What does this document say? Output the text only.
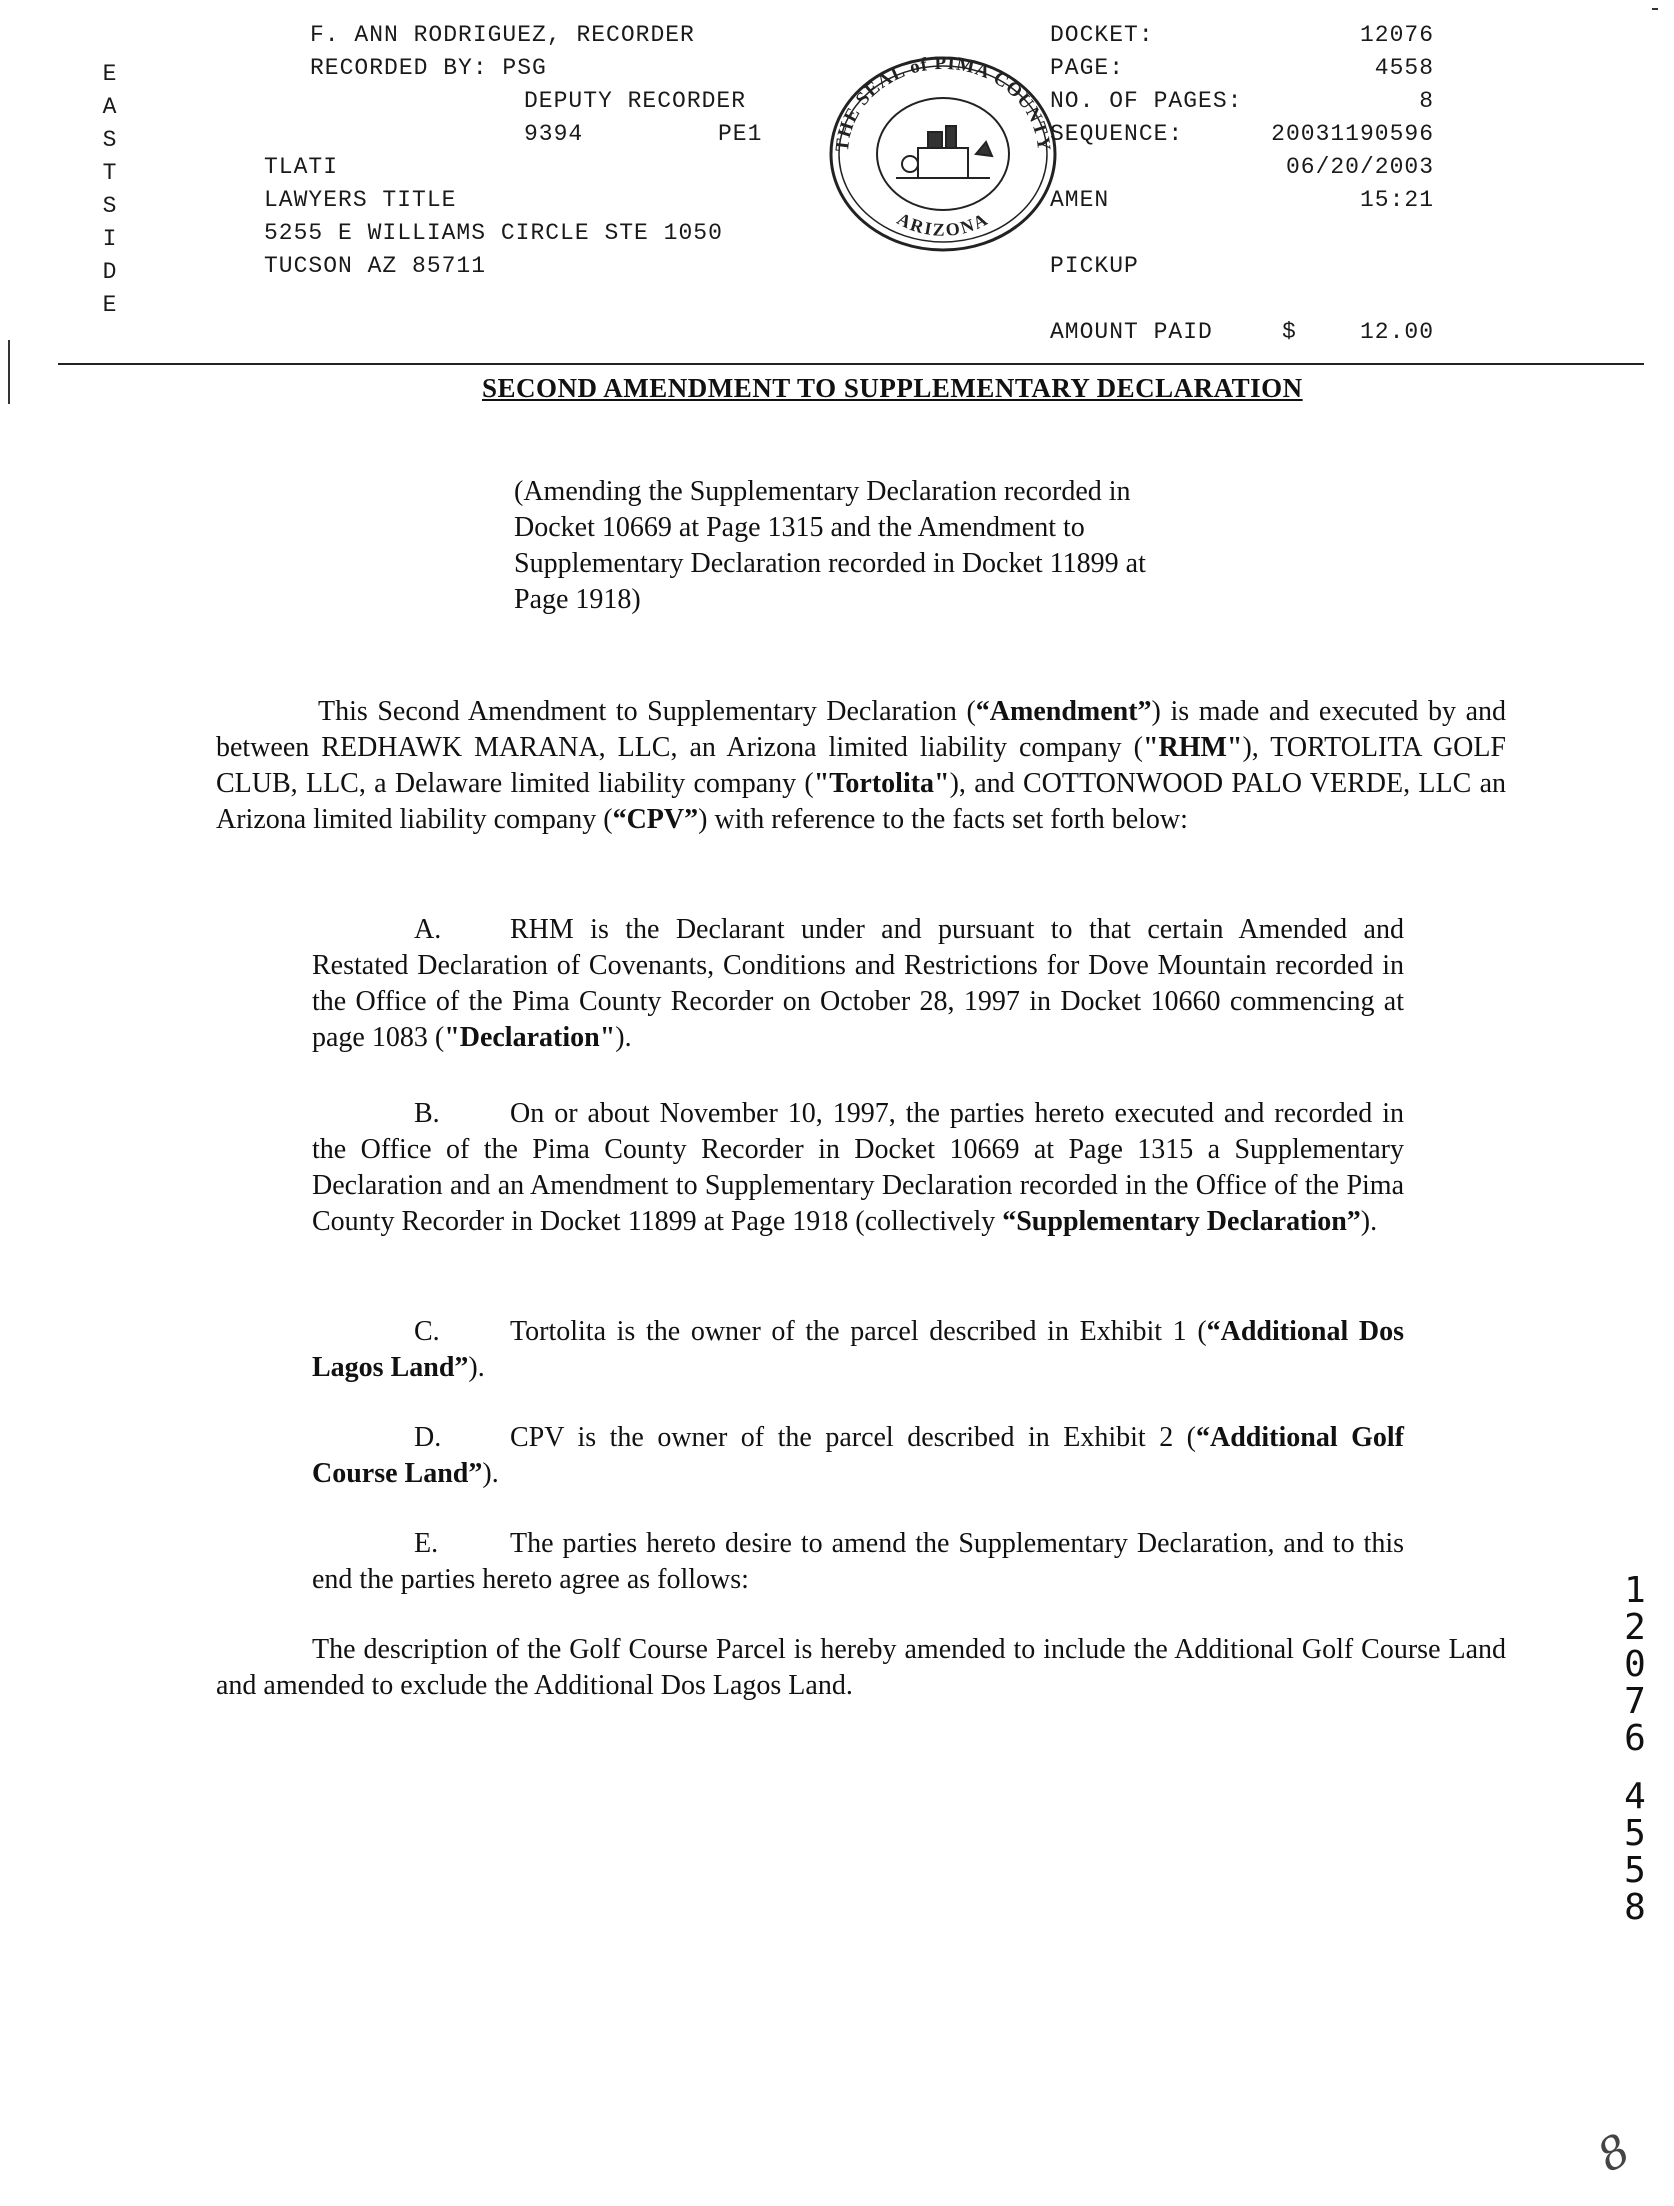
F. ANN RODRIGUEZ, RECORDER
RECORDED BY: PSG
DEPUTY RECORDER
9394	PE1
TLATI
LAWYERS TITLE
5255 E WILLIAMS CIRCLE STE 1050
TUCSON AZ 85711
E
A
S
T
S
I
D
E
THE SEAL of PIMA COUNTY
ARIZONA
DOCKET:	12076
PAGE:	4558
NO. OF PAGES:	8
SEQUENCE:	20031190596
06/20/2003
AMEN	15:21
PICKUP
AMOUNT PAID	$	12.00
SECOND AMENDMENT TO SUPPLEMENTARY DECLARATION
(Amending the Supplementary Declaration recorded in Docket 10669 at Page 1315 and the Amendment to Supplementary Declaration recorded in Docket 11899 at Page 1918)
This Second Amendment to Supplementary Declaration (“Amendment”) is made and executed by and between REDHAWK MARANA, LLC, an Arizona limited liability company ("RHM"), TORTOLITA GOLF CLUB, LLC, a Delaware limited liability company ("Tortolita"), and COTTONWOOD PALO VERDE, LLC an Arizona limited liability company (“CPV”) with reference to the facts set forth below:
A. RHM is the Declarant under and pursuant to that certain Amended and Restated Declaration of Covenants, Conditions and Restrictions for Dove Mountain recorded in the Office of the Pima County Recorder on October 28, 1997 in Docket 10660 commencing at page 1083 ("Declaration").
B.	On or about November 10, 1997, the parties hereto executed and recorded in the Office of the Pima County Recorder in Docket 10669 at Page 1315 a Supplementary Declaration and an Amendment to Supplementary Declaration recorded in the Office of the Pima County Recorder in Docket 11899 at Page 1918 (collectively “Supplementary Declaration”).
C.	Tortolita is the owner of the parcel described in Exhibit 1 (“Additional Dos Lagos Land”).
D. CPV is the owner of the parcel described in Exhibit 2 (“Additional Golf Course Land”).
E.	The parties hereto desire to amend the Supplementary Declaration, and to this end the parties hereto agree as follows:
The description of the Golf Course Parcel is hereby amended to include the Additional Golf Course Land and amended to exclude the Additional Dos Lagos Land.
1
2
0
7
6
4
5
5
8
8
